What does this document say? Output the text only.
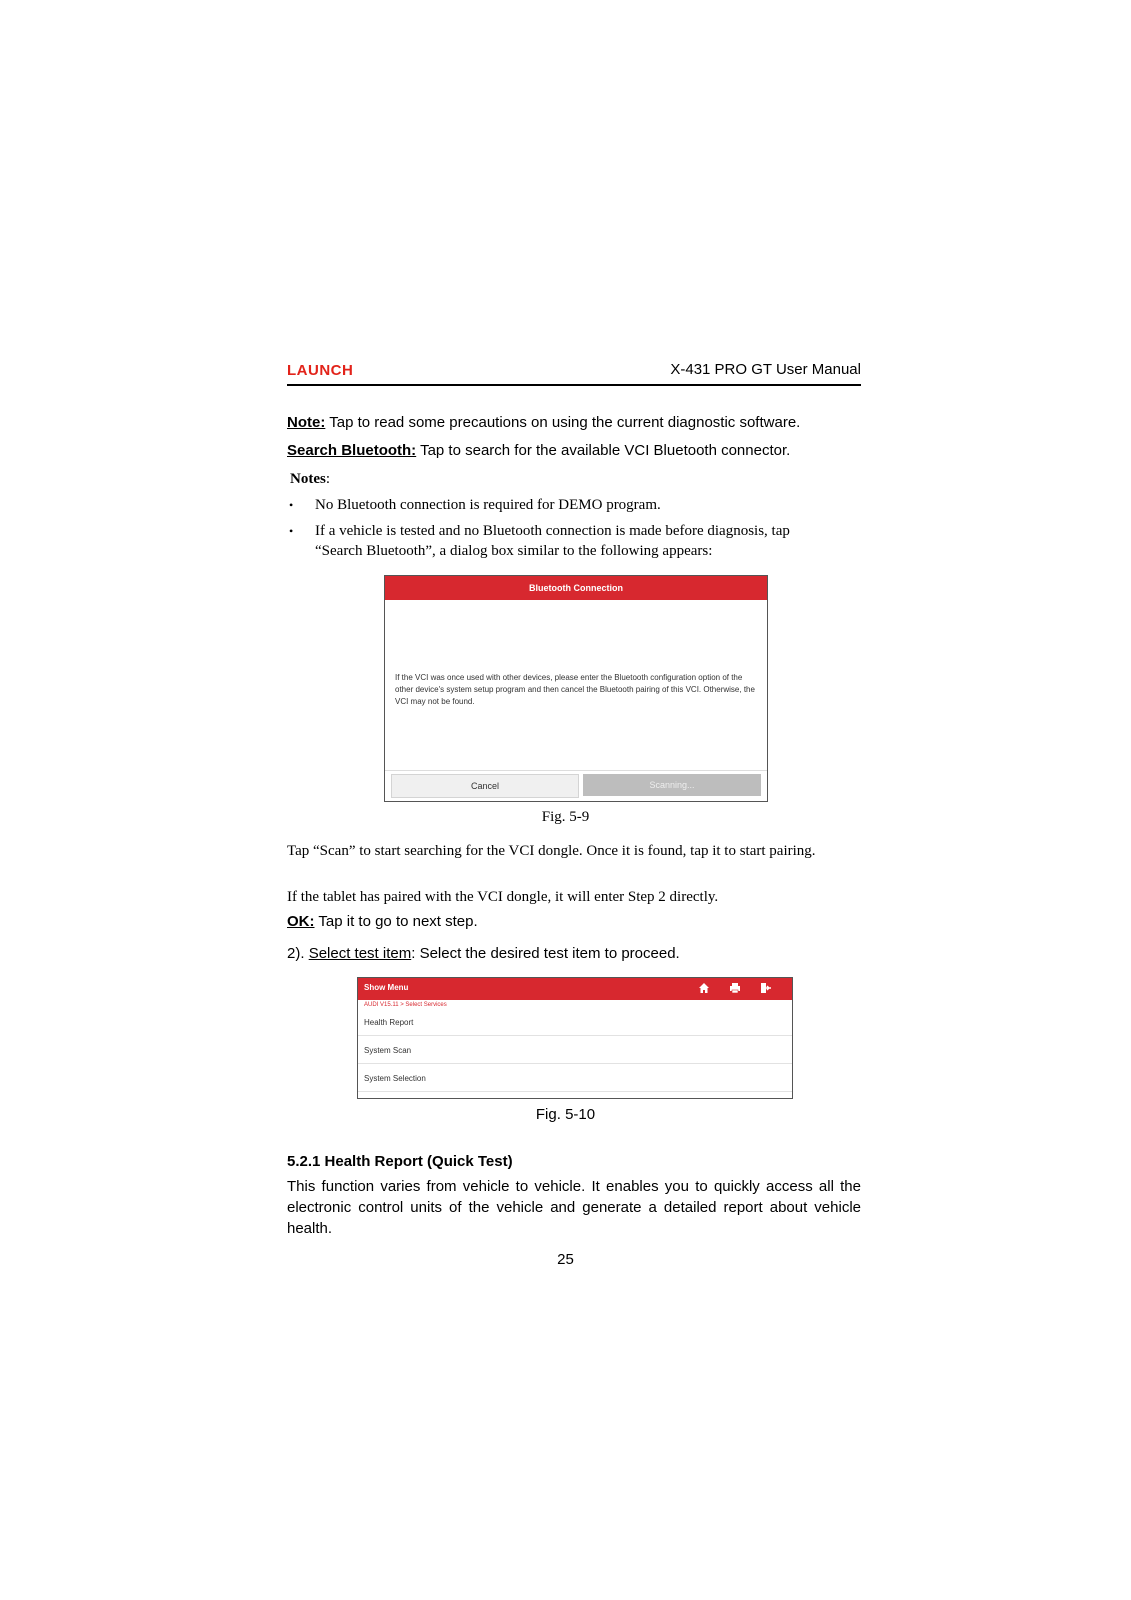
LAUNCH	X-431 PRO GT User Manual
Note: Tap to read some precautions on using the current diagnostic software.
Search Bluetooth: Tap to search for the available VCI Bluetooth connector.
Notes:
• No Bluetooth connection is required for DEMO program.
• If a vehicle is tested and no Bluetooth connection is made before diagnosis, tap “Search Bluetooth”, a dialog box similar to the following appears:
Bluetooth Connection
If the VCI was once used with other devices, please enter the Bluetooth configuration option of the other device's system setup program and then cancel the Bluetooth pairing of this VCI. Otherwise, the VCI may not be found.
Cancel	Scanning...
Fig. 5-9
Tap “Scan” to start searching for the VCI dongle. Once it is found, tap it to start pairing.
If the tablet has paired with the VCI dongle, it will enter Step 2 directly.
OK: Tap it to go to next step.
2). Select test item: Select the desired test item to proceed.
Show Menu
AUDI V15.11 > Select Services
Health Report
System Scan
System Selection
Fig. 5-10
5.2.1 Health Report (Quick Test)
This function varies from vehicle to vehicle. It enables you to quickly access all the electronic control units of the vehicle and generate a detailed report about vehicle health.
25
